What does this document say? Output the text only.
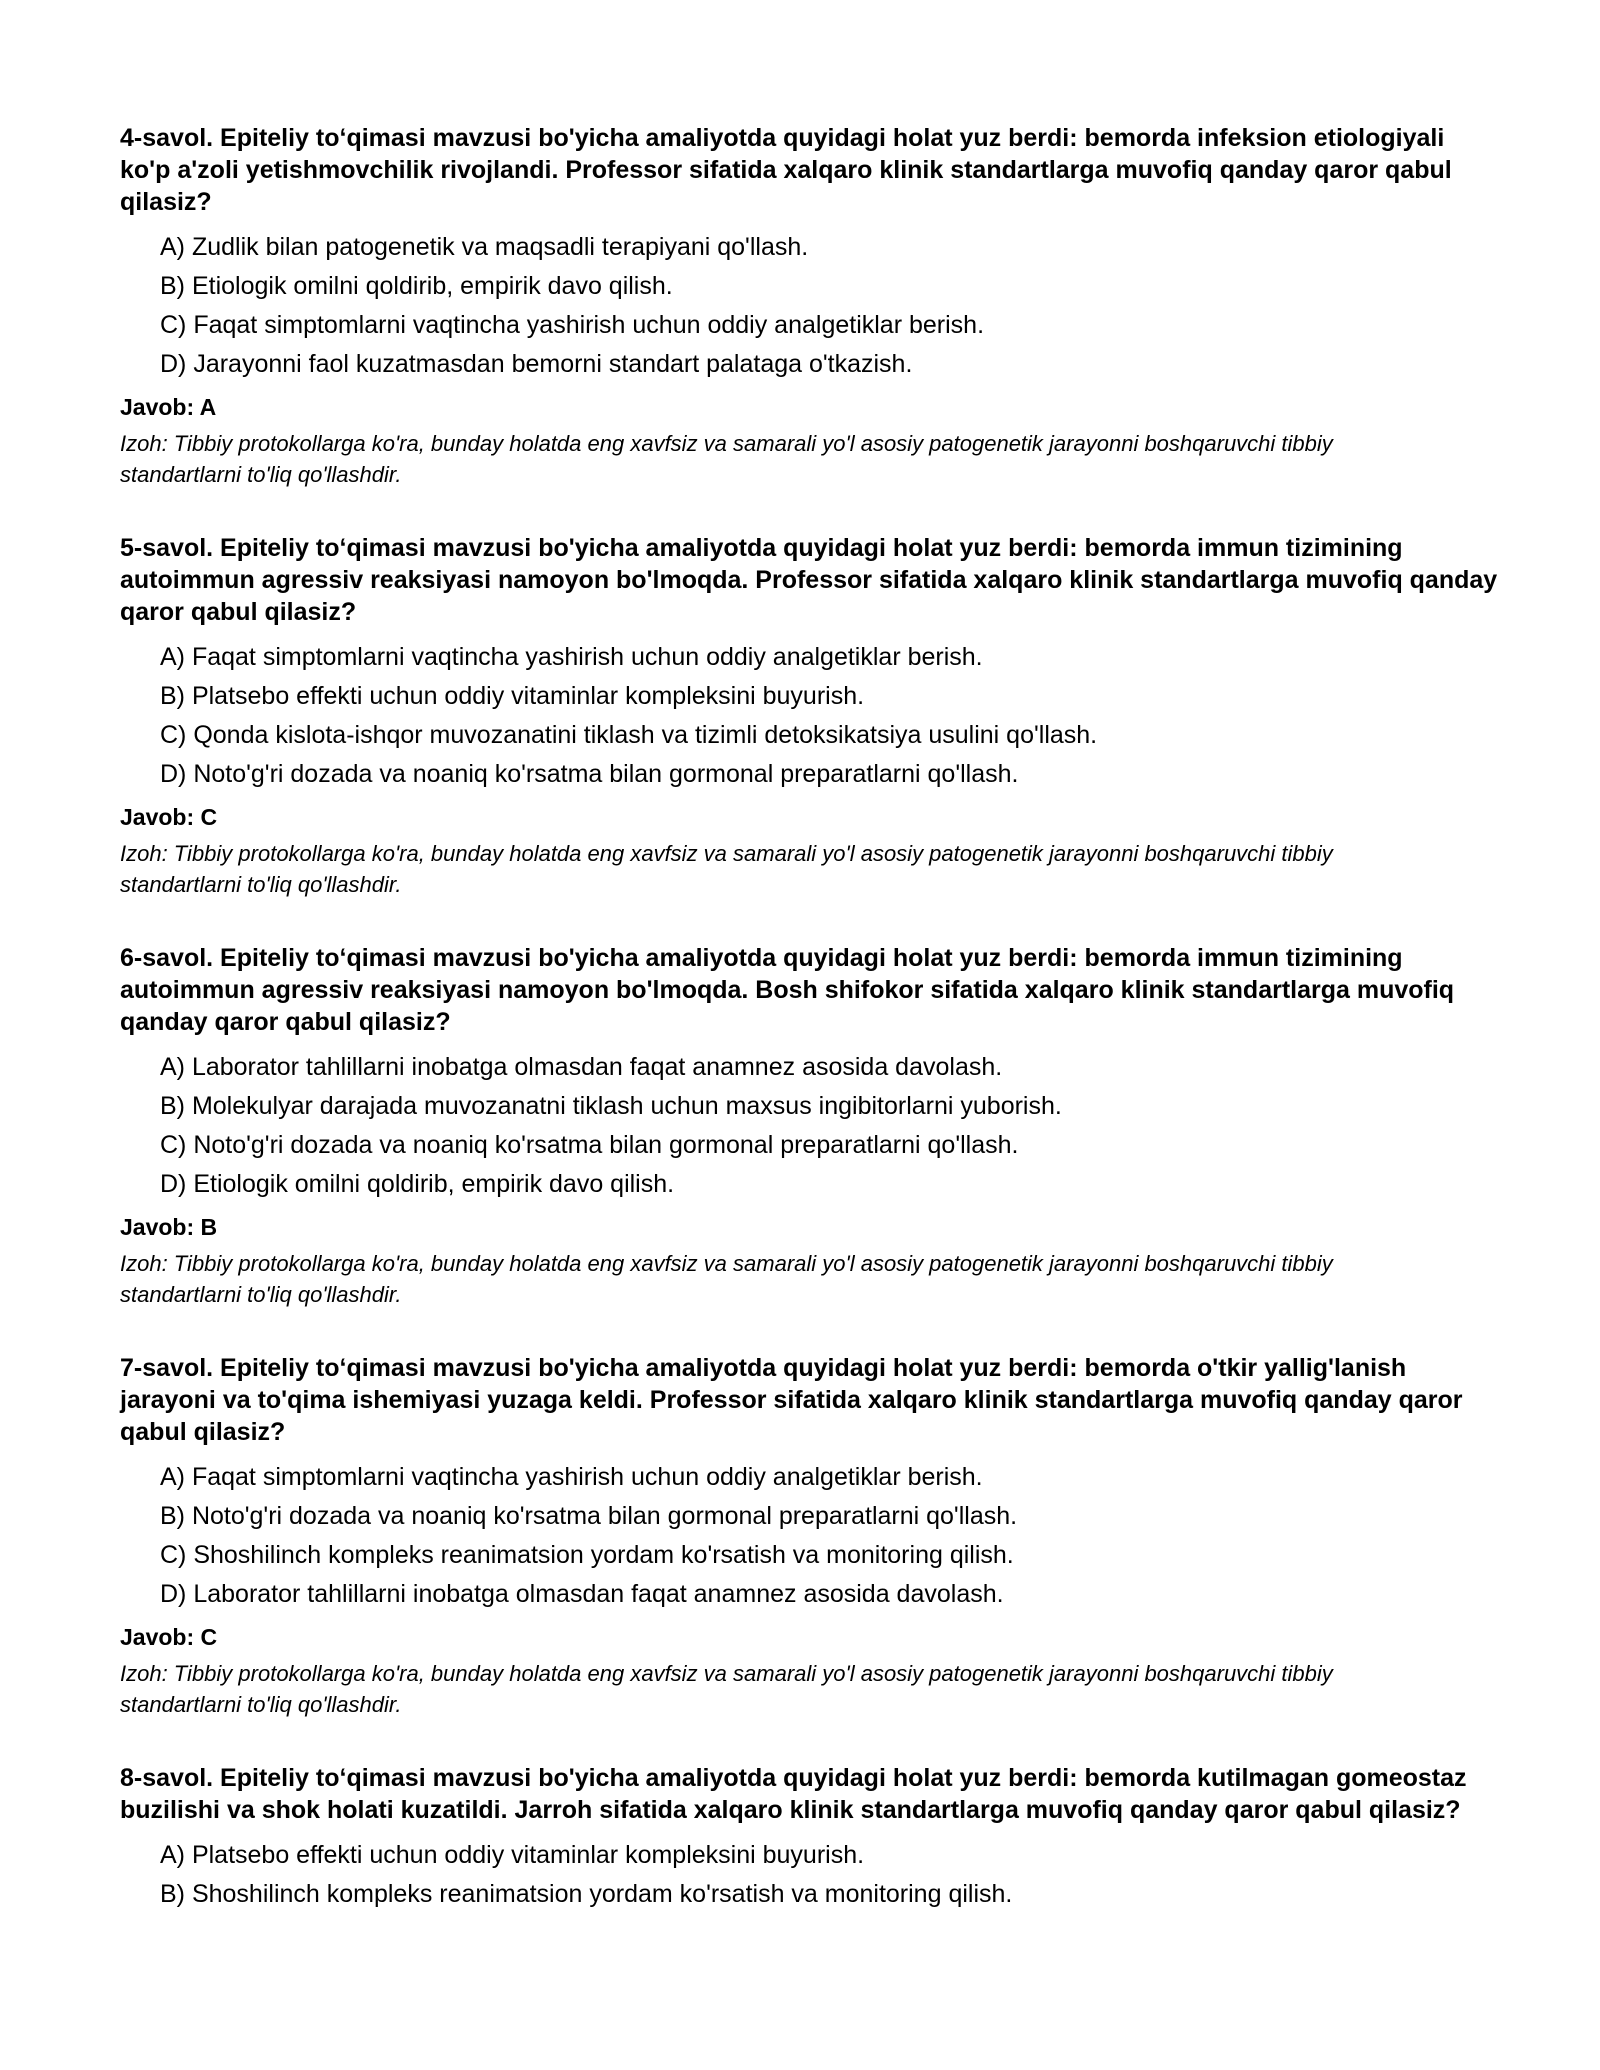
4-savol. Epiteliy to‘qimasi mavzusi bo'yicha amaliyotda quyidagi holat yuz berdi: bemorda infeksion etiologiyali ko'p a'zoli yetishmovchilik rivojlandi. Professor sifatida xalqaro klinik standartlarga muvofiq qanday qaror qabul qilasiz?
A) Zudlik bilan patogenetik va maqsadli terapiyani qo'llash.
B) Etiologik omilni qoldirib, empirik davo qilish.
C) Faqat simptomlarni vaqtincha yashirish uchun oddiy analgetiklar berish.
D) Jarayonni faol kuzatmasdan bemorni standart palataga o'tkazish.
Javob: A
Izoh: Tibbiy protokollarga ko'ra, bunday holatda eng xavfsiz va samarali yo'l asosiy patogenetik jarayonni boshqaruvchi tibbiy standartlarni to'liq qo'llashdir.
5-savol. Epiteliy to‘qimasi mavzusi bo'yicha amaliyotda quyidagi holat yuz berdi: bemorda immun tizimining autoimmun agressiv reaksiyasi namoyon bo'lmoqda. Professor sifatida xalqaro klinik standartlarga muvofiq qanday qaror qabul qilasiz?
A) Faqat simptomlarni vaqtincha yashirish uchun oddiy analgetiklar berish.
B) Platsebo effekti uchun oddiy vitaminlar kompleksini buyurish.
C) Qonda kislota-ishqor muvozanatini tiklash va tizimli detoksikatsiya usulini qo'llash.
D) Noto'g'ri dozada va noaniq ko'rsatma bilan gormonal preparatlarni qo'llash.
Javob: C
Izoh: Tibbiy protokollarga ko'ra, bunday holatda eng xavfsiz va samarali yo'l asosiy patogenetik jarayonni boshqaruvchi tibbiy standartlarni to'liq qo'llashdir.
6-savol. Epiteliy to‘qimasi mavzusi bo'yicha amaliyotda quyidagi holat yuz berdi: bemorda immun tizimining autoimmun agressiv reaksiyasi namoyon bo'lmoqda. Bosh shifokor sifatida xalqaro klinik standartlarga muvofiq qanday qaror qabul qilasiz?
A) Laborator tahlillarni inobatga olmasdan faqat anamnez asosida davolash.
B) Molekulyar darajada muvozanatni tiklash uchun maxsus ingibitorlarni yuborish.
C) Noto'g'ri dozada va noaniq ko'rsatma bilan gormonal preparatlarni qo'llash.
D) Etiologik omilni qoldirib, empirik davo qilish.
Javob: B
Izoh: Tibbiy protokollarga ko'ra, bunday holatda eng xavfsiz va samarali yo'l asosiy patogenetik jarayonni boshqaruvchi tibbiy standartlarni to'liq qo'llashdir.
7-savol. Epiteliy to‘qimasi mavzusi bo'yicha amaliyotda quyidagi holat yuz berdi: bemorda o'tkir yallig'lanish jarayoni va to'qima ishemiyasi yuzaga keldi. Professor sifatida xalqaro klinik standartlarga muvofiq qanday qaror qabul qilasiz?
A) Faqat simptomlarni vaqtincha yashirish uchun oddiy analgetiklar berish.
B) Noto'g'ri dozada va noaniq ko'rsatma bilan gormonal preparatlarni qo'llash.
C) Shoshilinch kompleks reanimatsion yordam ko'rsatish va monitoring qilish.
D) Laborator tahlillarni inobatga olmasdan faqat anamnez asosida davolash.
Javob: C
Izoh: Tibbiy protokollarga ko'ra, bunday holatda eng xavfsiz va samarali yo'l asosiy patogenetik jarayonni boshqaruvchi tibbiy standartlarni to'liq qo'llashdir.
8-savol. Epiteliy to‘qimasi mavzusi bo'yicha amaliyotda quyidagi holat yuz berdi: bemorda kutilmagan gomeostaz buzilishi va shok holati kuzatildi. Jarroh sifatida xalqaro klinik standartlarga muvofiq qanday qaror qabul qilasiz?
A) Platsebo effekti uchun oddiy vitaminlar kompleksini buyurish.
B) Shoshilinch kompleks reanimatsion yordam ko'rsatish va monitoring qilish.
